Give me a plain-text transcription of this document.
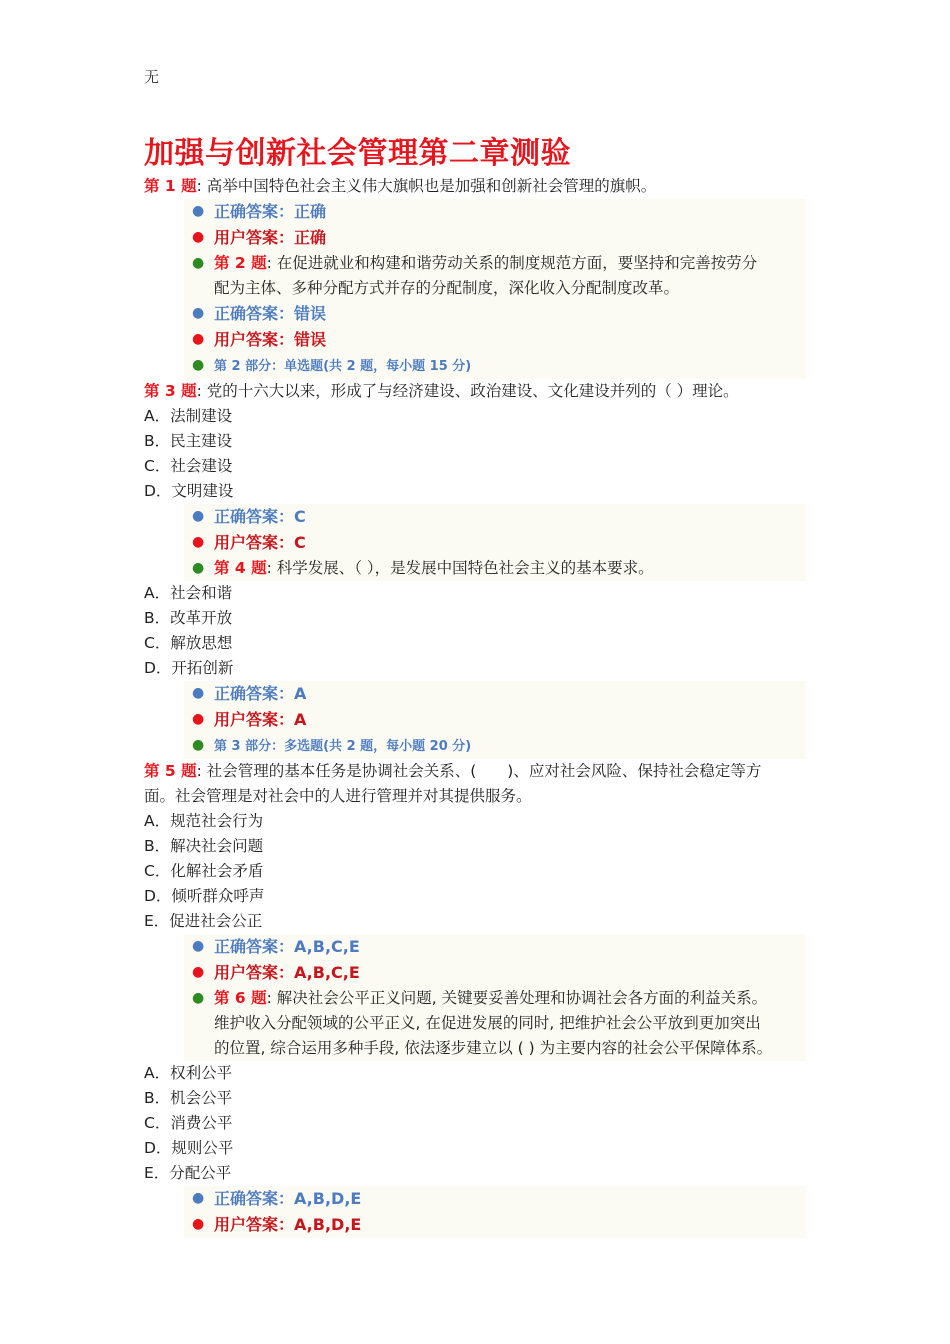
无
加强与创新社会管理第二章测验
第 1 题: 高举中国特色社会主义伟大旗帜也是加强和创新社会管理的旗帜。
● 正确答案：正确
● 用户答案：正确
● 第 2 题: 在促进就业和构建和谐劳动关系的制度规范方面，要坚持和完善按劳分
配为主体、多种分配方式并存的分配制度，深化收入分配制度改革。
● 正确答案：错误
● 用户答案：错误
● 第 2 部分：单选题(共 2 题，每小题 15 分)
第 3 题: 党的十六大以来，形成了与经济建设、政治建设、文化建设并列的（ ）理论。
A．法制建设
B．民主建设
C．社会建设
D．文明建设
● 正确答案：C
● 用户答案：C
● 第 4 题: 科学发展、（ ），是发展中国特色社会主义的基本要求。
A．社会和谐
B．改革开放
C．解放思想
D．开拓创新
● 正确答案：A
● 用户答案：A
● 第 3 部分：多选题(共 2 题，每小题 20 分)
第 5 题: 社会管理的基本任务是协调社会关系、(　　)、应对社会风险、保持社会稳定等方
面。社会管理是对社会中的人进行管理并对其提供服务。
A．规范社会行为
B．解决社会问题
C．化解社会矛盾
D．倾听群众呼声
E．促进社会公正
● 正确答案：A,B,C,E
● 用户答案：A,B,C,E
● 第 6 题: 解决社会公平正义问题, 关键要妥善处理和协调社会各方面的利益关系。
维护收入分配领域的公平正义, 在促进发展的同时, 把维护社会公平放到更加突出
的位置, 综合运用多种手段, 依法逐步建立以 ( ) 为主要内容的社会公平保障体系。
A．权利公平
B．机会公平
C．消费公平
D．规则公平
E．分配公平
● 正确答案：A,B,D,E
● 用户答案：A,B,D,E
